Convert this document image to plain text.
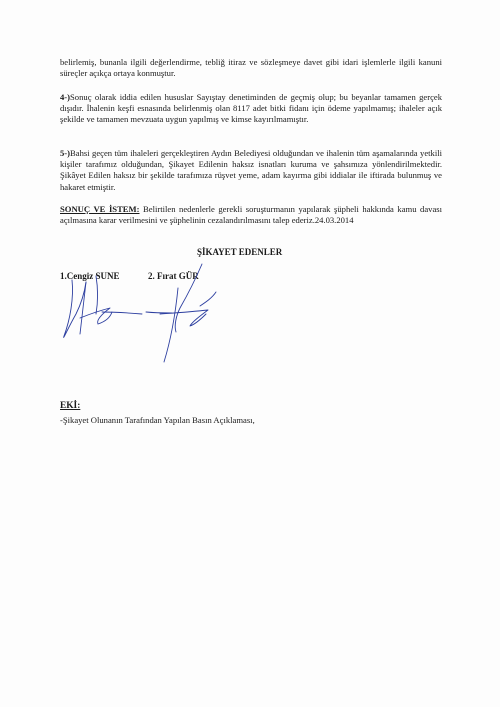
belirlemiş, bunanla ilgili değerlendirme, tebliğ itiraz ve sözleşmeye davet gibi idari işlemlerle ilgili kanuni süreçler açıkça ortaya konmuştur.

4-)Sonuç olarak iddia edilen hususlar Sayıştay denetiminden de geçmiş olup; bu beyanlar tamamen gerçek dışıdır. İhalenin keşfi esnasında belirlenmiş olan 8117 adet bitki fidanı için ödeme yapılmamış; ihaleler açık şekilde ve tamamen mevzuata uygun yapılmış ve kimse kayırılmamıştır.

5-)Bahsi geçen tüm ihaleleri gerçekleştiren Aydın Belediyesi olduğundan ve ihalenin tüm aşamalarında yetkili kişiler tarafımız olduğundan, Şikayet Edilenin haksız isnatları kuruma ve şahsımıza yönlendirilmektedir. Şikâyet Edilen haksız bir şekilde tarafımıza rüşvet yeme, adam kayırma gibi iddialar ile iftirada bulunmuş ve hakaret etmiştir.

SONUÇ VE İSTEM: Belirtilen nedenlerle gerekli soruşturmanın yapılarak şüpheli hakkında kamu davası açılmasına karar verilmesini ve şüphelinin cezalandırılmasını talep ederiz.24.03.2014

ŞİKAYET EDENLER
1.Cengiz SUNE	2. Fırat GÜR
EKİ:
-Şikayet Olunanın Tarafından Yapılan Basın Açıklaması,
